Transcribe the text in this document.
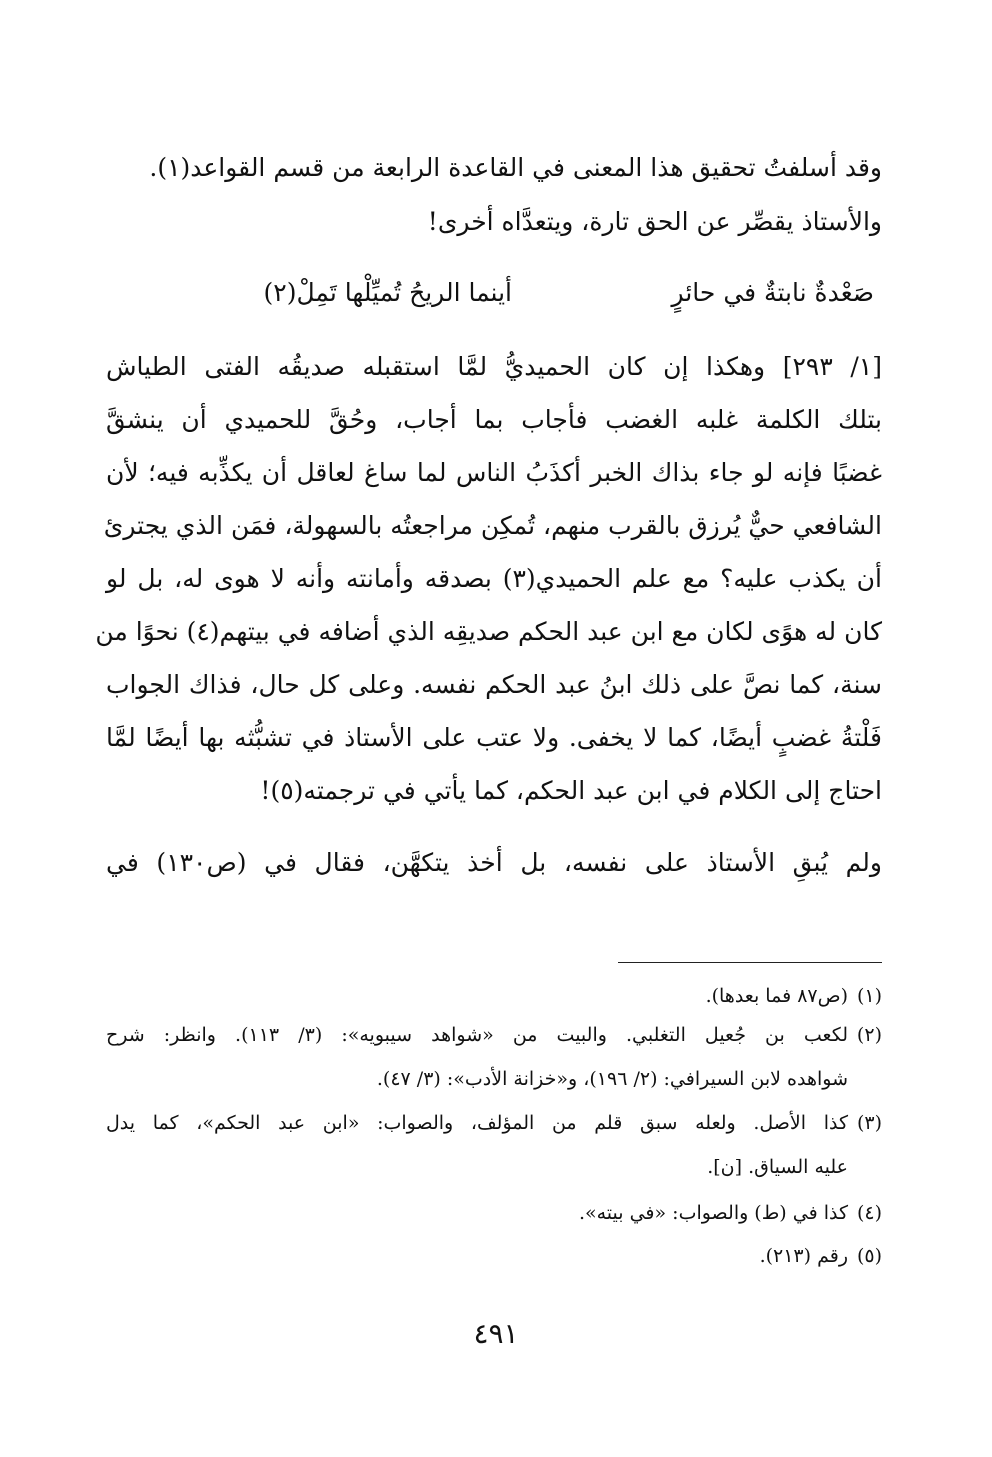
وقد أسلفتُ تحقيق هذا المعنى في القاعدة الرابعة من قسم القواعد(١).
والأستاذ يقصِّر عن الحق تارة، ويتعدَّاه أخرى!
صَعْدةٌ نابتةٌ في حائرٍ
أينما الريحُ تُميِّلْها تَمِلْ(٢)
[١/ ٢٩٣] وهكذا إن كان الحميديُّ لمَّا استقبله صديقُه الفتى الطياش
بتلك الكلمة غلبه الغضب فأجاب بما أجاب، وحُقَّ للحميدي أن ينشقَّ
غضبًا فإنه لو جاء بذاك الخبر أكذَبُ الناس لما ساغ لعاقل أن يكذِّبه فيه؛ لأن
الشافعي حيٌّ يُرزق بالقرب منهم، تُمكِن مراجعتُه بالسهولة، فمَن الذي يجترئ
أن يكذب عليه؟ مع علم الحميدي(٣) بصدقه وأمانته وأنه لا هوى له، بل لو
كان له هوًى لكان مع ابن عبد الحكم صديقِه الذي أضافه في بيتهم(٤) نحوًا من
سنة، كما نصَّ على ذلك ابنُ عبد الحكم نفسه. وعلى كل حال، فذاك الجواب
فَلْتةُ غضبٍ أيضًا، كما لا يخفى. ولا عتب على الأستاذ في تشبُّثه بها أيضًا لمَّا
احتاج إلى الكلام في ابن عبد الحكم، كما يأتي في ترجمته(٥)!
ولم يُبقِ الأستاذ على نفسه، بل أخذ يتكهَّن، فقال في (ص١٣٠) في
(١)(ص٨٧ فما بعدها).
(٢)لكعب بن جُعيل التغلبي. والبيت من «شواهد سيبويه»: (٣/ ١١٣). وانظر: شرح
شواهده لابن السيرافي: (٢/ ١٩٦)، و«خزانة الأدب»: (٣/ ٤٧).
(٣)كذا الأصل. ولعله سبق قلم من المؤلف، والصواب: «ابن عبد الحكم»، كما يدل
عليه السياق. [ن].
(٤)كذا في (ط) والصواب: «في بيته».
(٥)رقم (٢١٣).
٤٩١
